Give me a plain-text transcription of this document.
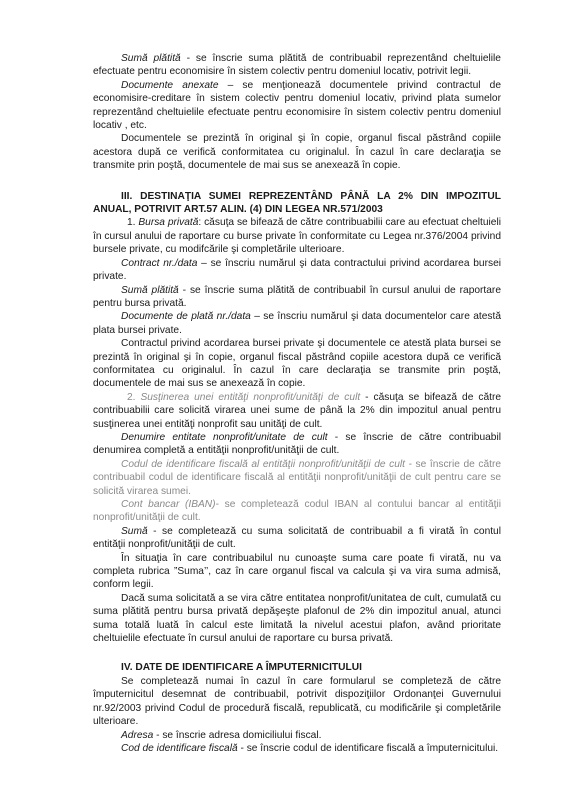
Sumă plătită - se înscrie suma plătită de contribuabil reprezentând cheltuielile efectuate pentru economisire în sistem colectiv pentru domeniul locativ, potrivit legii.

Documente anexate – se menţionează documentele privind contractul de economisire-creditare în sistem colectiv pentru domeniul locativ, privind plata sumelor reprezentând cheltuielile efectuate pentru economisire în sistem colectiv pentru domeniul locativ , etc.

Documentele se prezintă în original şi în copie, organul fiscal păstrând copiile acestora după ce verifică conformitatea cu originalul. În cazul în care declaraţia se transmite prin poştă, documentele de mai sus se anexează în copie.

III. DESTINAŢIA SUMEI REPREZENTÂND PÂNĂ LA 2% DIN IMPOZITUL ANUAL, POTRIVIT ART.57 ALIN. (4) DIN LEGEA NR.571/2003

1. Bursa privată: căsuţa se bifează de către contribuabilii care au efectuat cheltuieli în cursul anului de raportare cu burse private în conformitate cu Legea nr.376/2004 privind bursele private, cu modifcările şi completările ulterioare.

Contract nr./data – se înscriu numărul şi data contractului privind acordarea bursei private.

Sumă plătită - se înscrie suma plătită de contribuabil în cursul anului de raportare pentru bursa privată.

Documente de plată nr./data – se înscriu numărul şi data documentelor care atestă plata bursei private.

Contractul privind acordarea bursei private şi documentele ce atestă plata bursei se prezintă în original şi în copie, organul fiscal păstrând copiile acestora după ce verifică conformitatea cu originalul. În cazul în care declaraţia se transmite prin poştă, documentele de mai sus se anexează în copie.

2. Susţinerea unei entităţi nonprofit/unităţi de cult - căsuţa se bifează de către contribuabilii care solicită virarea unei sume de până la 2% din impozitul anual pentru susţinerea unei entităţi nonprofit sau unităţi de cult.

Denumire entitate nonprofit/unitate de cult - se înscrie de către contribuabil denumirea completă a entităţii nonprofit/unităţii de cult.

Codul de identificare fiscală al entităţii nonprofit/unităţii de cult - se înscrie de către contribuabil codul de identificare fiscală al entităţii nonprofit/unităţii de cult pentru care se solicită virarea sumei.

Cont bancar (IBAN)- se completează codul IBAN al contului bancar al entităţii nonprofit/unităţii de cult.

Sumă - se completează cu suma solicitată de contribuabil a fi virată în contul entităţii nonprofit/unităţii de cult.

În situaţia în care contribuabilul nu cunoaşte suma care poate fi virată, nu va completa rubrica ”Suma’’, caz în care organul fiscal va calcula şi va vira suma admisă, conform legii.

Dacă suma solicitată a se vira către entitatea nonprofit/unitatea de cult, cumulată cu suma plătită pentru bursa privată depăşeşte plafonul de 2% din impozitul anual, atunci suma totală luată în calcul este limitată la nivelul acestui plafon, având prioritate cheltuielile efectuate în cursul anului de raportare cu bursa privată.

IV. DATE DE IDENTIFICARE A ÎMPUTERNICITULUI

Se completează numai în cazul în care formularul se completeză de către împuternicitul desemnat de contribuabil, potrivit dispoziţiilor Ordonanţei Guvernului nr.92/2003 privind Codul de procedură fiscală, republicată, cu modificările şi completările ulterioare.

Adresa - se înscrie adresa domiciliului fiscal.

Cod de identificare fiscală - se înscrie codul de identificare fiscală a împuternicitului.
